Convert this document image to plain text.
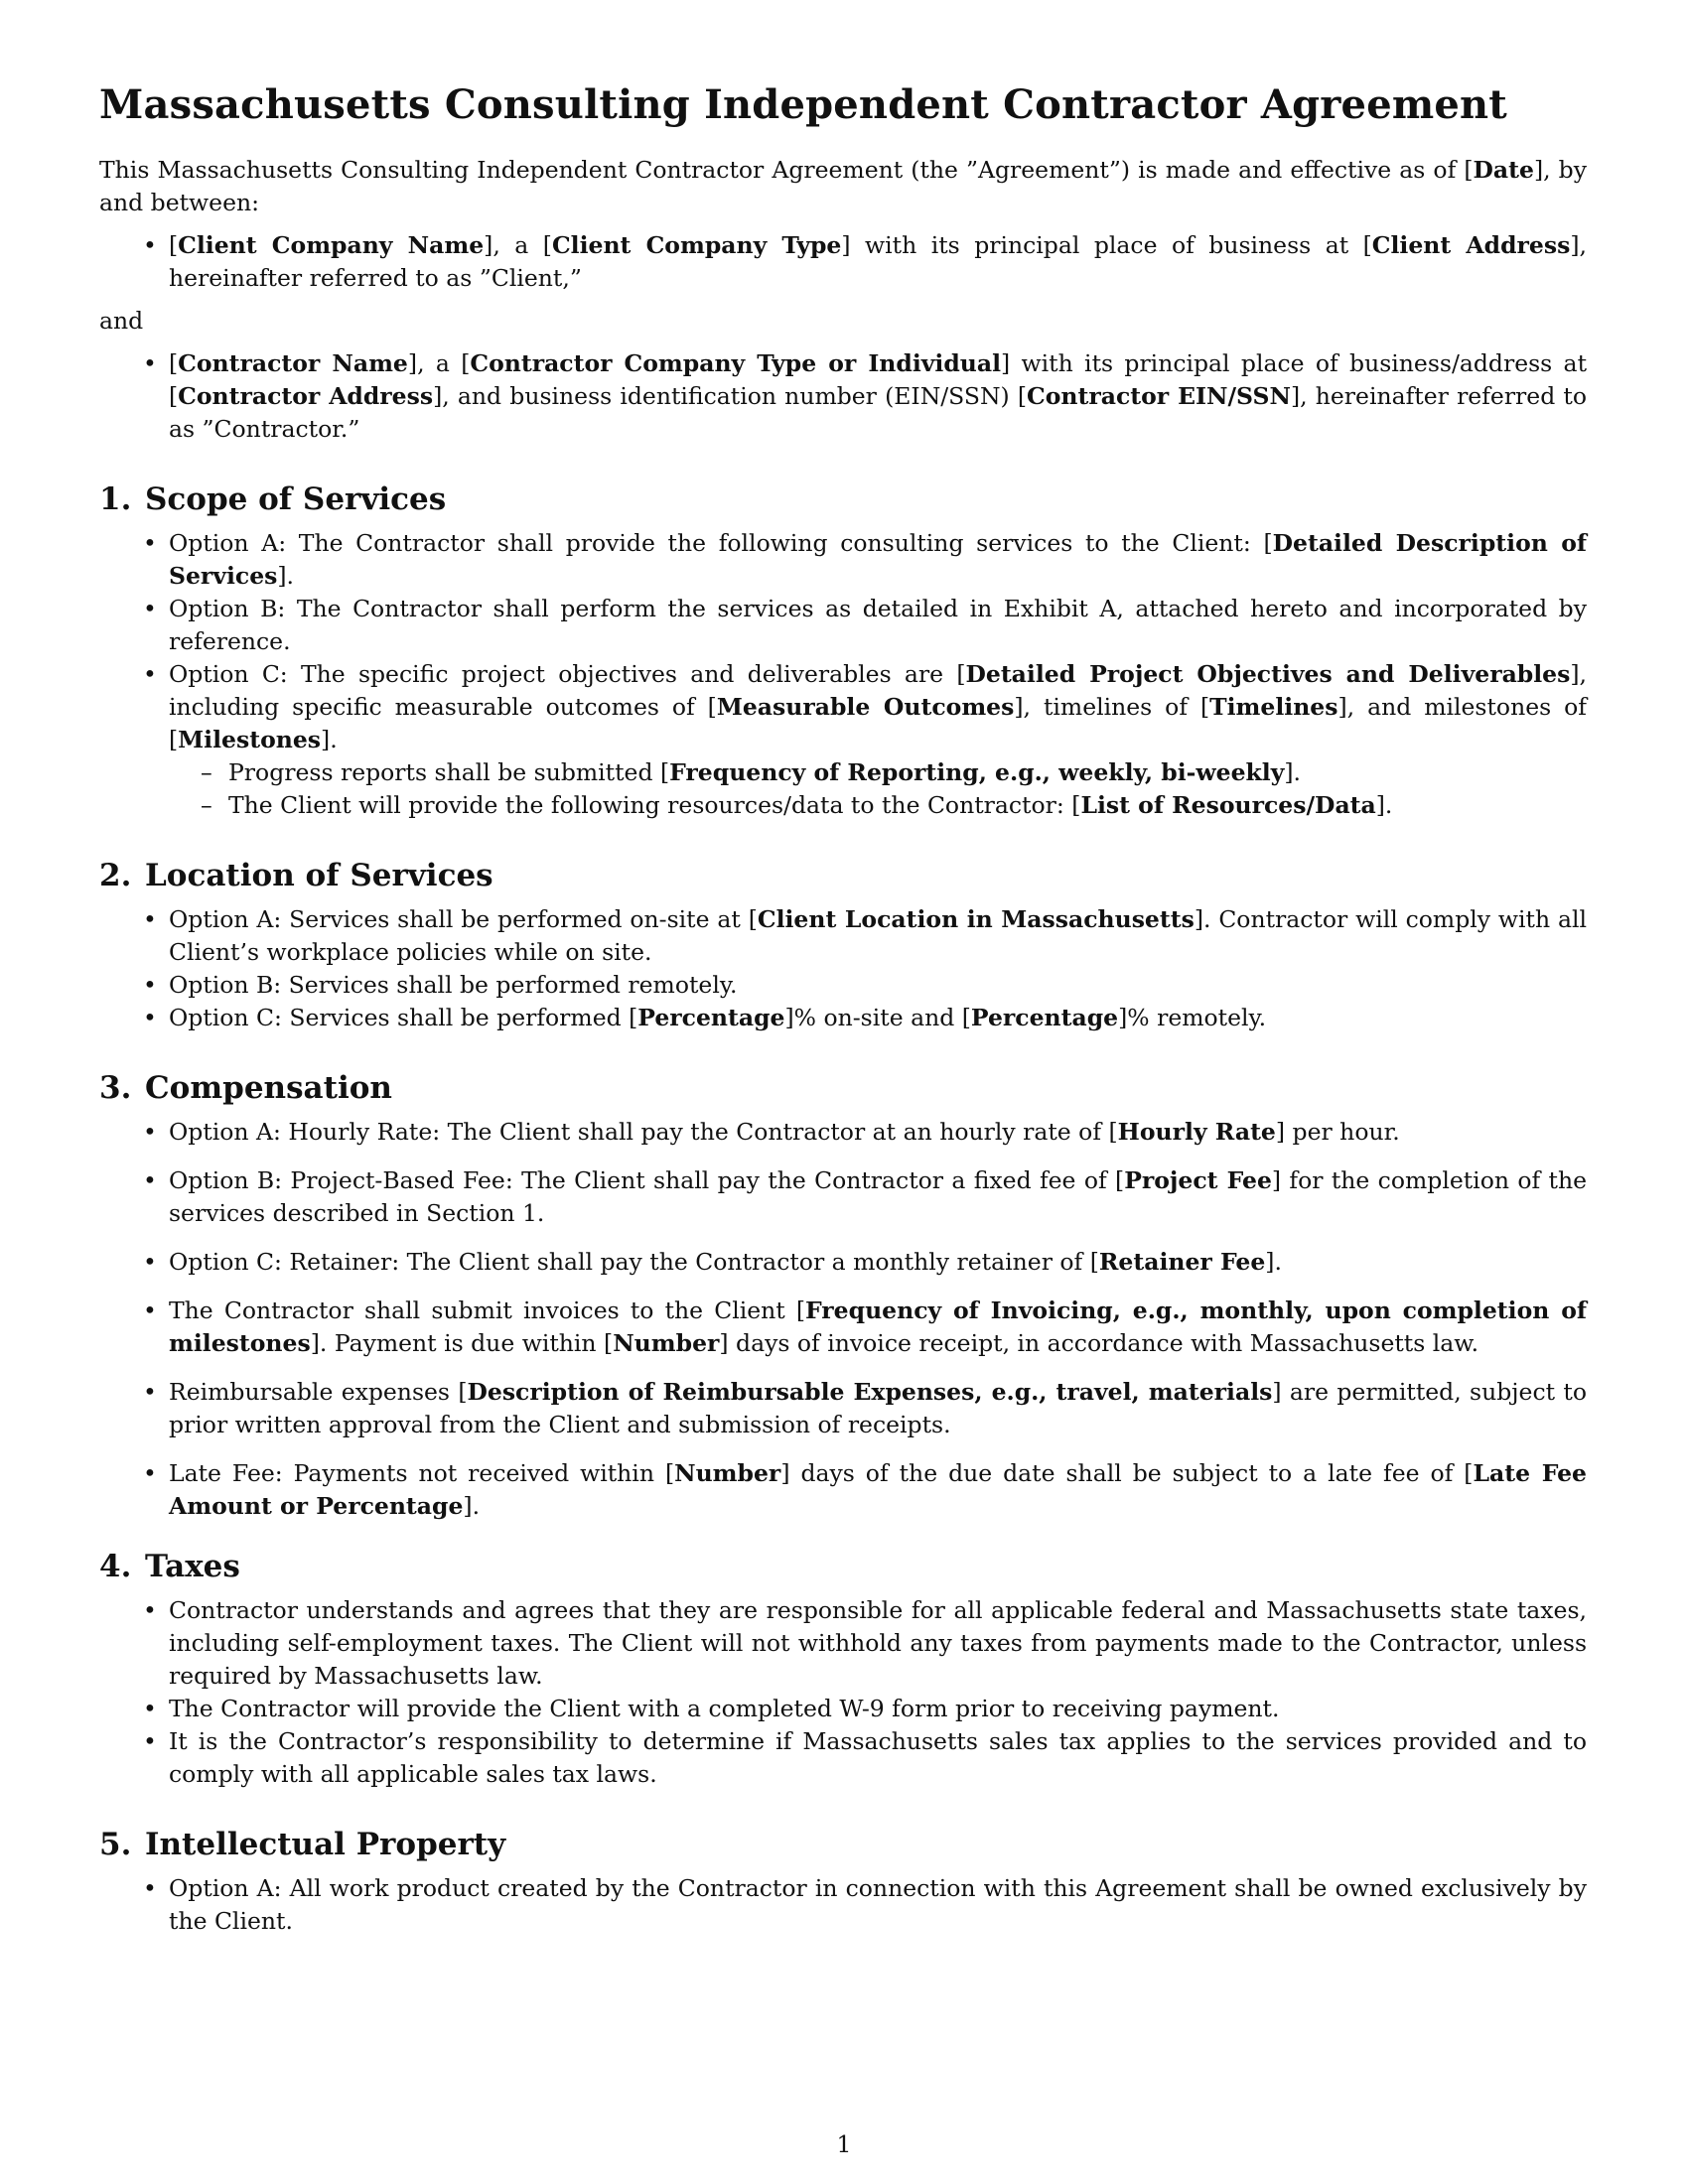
Massachusetts Consulting Independent Contractor Agreement

This Massachusetts Consulting Independent Contractor Agreement (the ”Agreement”) is made and effective as of [Date], by and between:

• [Client Company Name], a [Client Company Type] with its principal place of business at [Client Address], hereinafter referred to as ”Client,”

and

• [Contractor Name], a [Contractor Company Type or Individual] with its principal place of business/address at [Contractor Address], and business identification number (EIN/SSN) [Contractor EIN/SSN], hereinafter referred to as ”Contractor.”
1. Scope of Services
• Option A: The Contractor shall provide the following consulting services to the Client: [Detailed Description of Services].
• Option B: The Contractor shall perform the services as detailed in Exhibit A, attached hereto and incorporated by reference.
• Option C: The specific project objectives and deliverables are [Detailed Project Objectives and Deliverables], including specific measurable outcomes of [Measurable Outcomes], timelines of [Timelines], and milestones of [Milestones].
– Progress reports shall be submitted [Frequency of Reporting, e.g., weekly, bi-weekly].
– The Client will provide the following resources/data to the Contractor: [List of Resources/Data].
2. Location of Services
• Option A: Services shall be performed on-site at [Client Location in Massachusetts]. Contractor will comply with all Client’s workplace policies while on site.
• Option B: Services shall be performed remotely.
• Option C: Services shall be performed [Percentage]% on-site and [Percentage]% remotely.
3. Compensation
• Option A: Hourly Rate: The Client shall pay the Contractor at an hourly rate of [Hourly Rate] per hour.
• Option B: Project-Based Fee: The Client shall pay the Contractor a fixed fee of [Project Fee] for the completion of the services described in Section 1.
• Option C: Retainer: The Client shall pay the Contractor a monthly retainer of [Retainer Fee].
• The Contractor shall submit invoices to the Client [Frequency of Invoicing, e.g., monthly, upon completion of milestones]. Payment is due within [Number] days of invoice receipt, in accordance with Massachusetts law.
• Reimbursable expenses [Description of Reimbursable Expenses, e.g., travel, materials] are permitted, subject to prior written approval from the Client and submission of receipts.
• Late Fee: Payments not received within [Number] days of the due date shall be subject to a late fee of [Late Fee Amount or Percentage].
4. Taxes
• Contractor understands and agrees that they are responsible for all applicable federal and Massachusetts state taxes, including self-employment taxes. The Client will not withhold any taxes from payments made to the Contractor, unless required by Massachusetts law.
• The Contractor will provide the Client with a completed W-9 form prior to receiving payment.
• It is the Contractor’s responsibility to determine if Massachusetts sales tax applies to the services provided and to comply with all applicable sales tax laws.
5. Intellectual Property
• Option A: All work product created by the Contractor in connection with this Agreement shall be owned exclusively by the Client.
1
